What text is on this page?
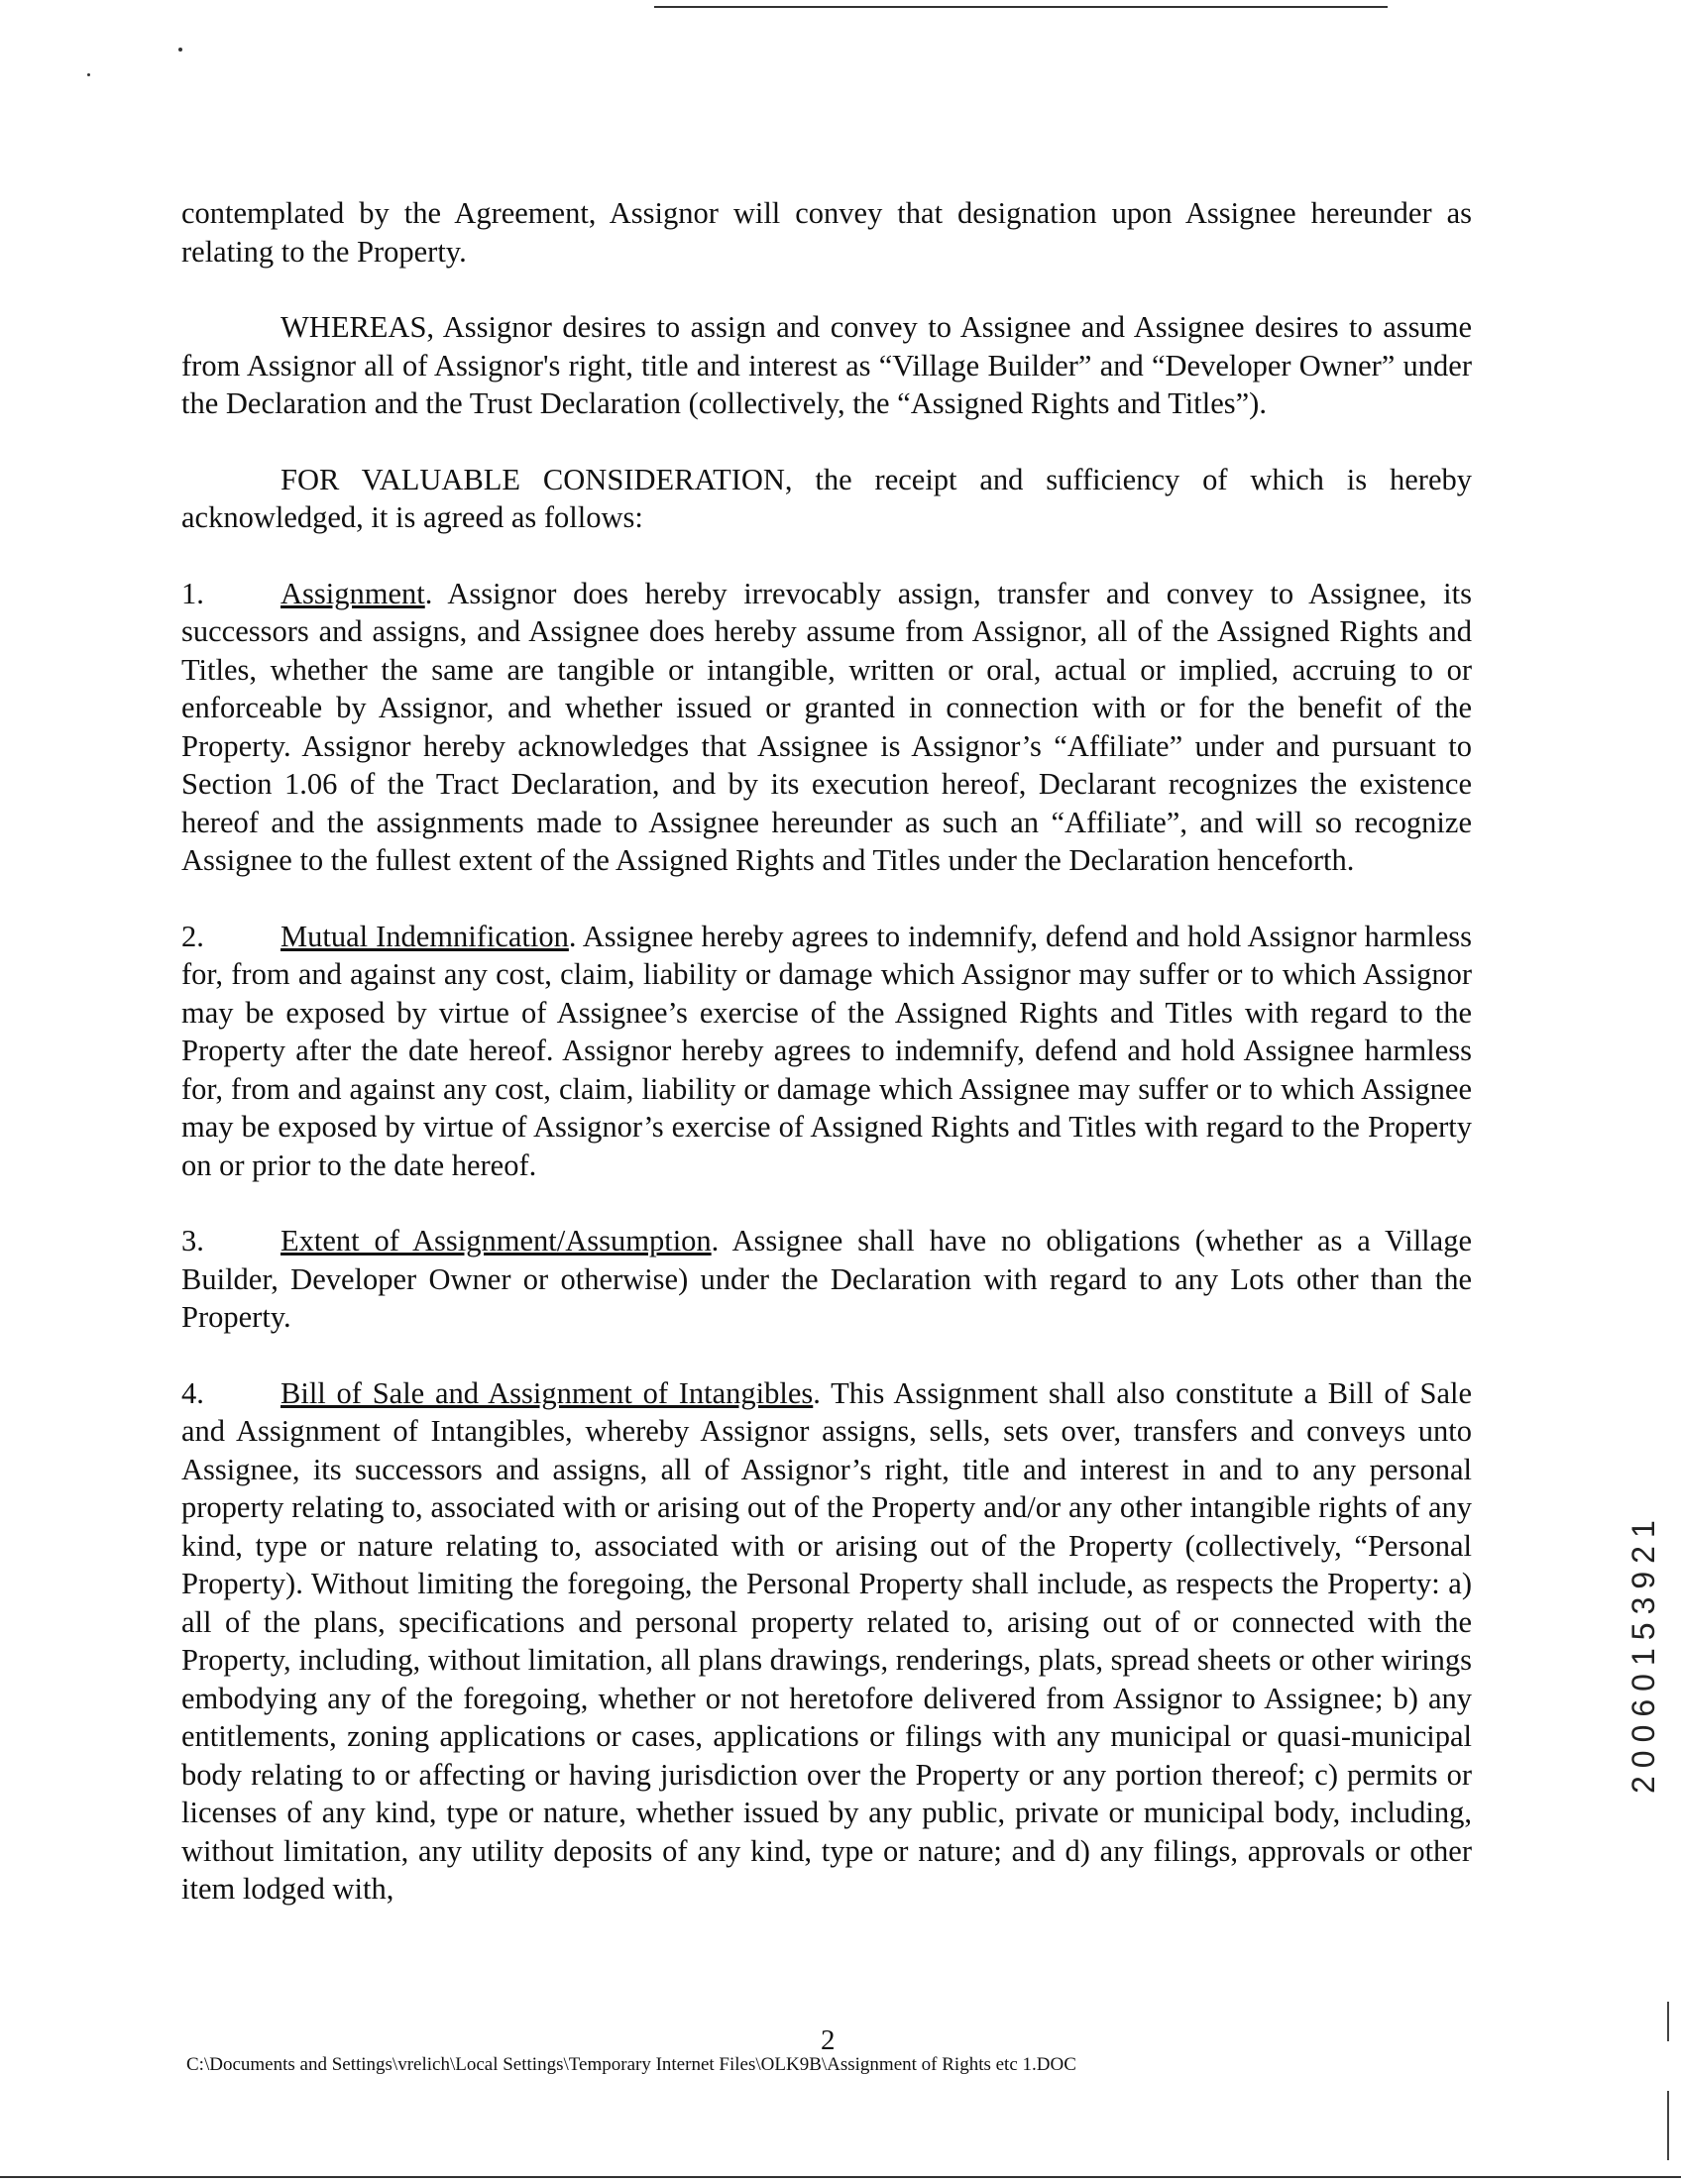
contemplated by the Agreement, Assignor will convey that designation upon Assignee hereunder as relating to the Property.

WHEREAS, Assignor desires to assign and convey to Assignee and Assignee desires to assume from Assignor all of Assignor's right, title and interest as “Village Builder” and “Developer Owner” under the Declaration and the Trust Declaration (collectively, the “Assigned Rights and Titles”).

FOR VALUABLE CONSIDERATION, the receipt and sufficiency of which is hereby acknowledged, it is agreed as follows:

1.	Assignment. Assignor does hereby irrevocably assign, transfer and convey to Assignee, its successors and assigns, and Assignee does hereby assume from Assignor, all of the Assigned Rights and Titles, whether the same are tangible or intangible, written or oral, actual or implied, accruing to or enforceable by Assignor, and whether issued or granted in connection with or for the benefit of the Property. Assignor hereby acknowledges that Assignee is Assignor’s “Affiliate” under and pursuant to Section 1.06 of the Tract Declaration, and by its execution hereof, Declarant recognizes the existence hereof and the assignments made to Assignee hereunder as such an “Affiliate”, and will so recognize Assignee to the fullest extent of the Assigned Rights and Titles under the Declaration henceforth.

2.	Mutual Indemnification. Assignee hereby agrees to indemnify, defend and hold Assignor harmless for, from and against any cost, claim, liability or damage which Assignor may suffer or to which Assignor may be exposed by virtue of Assignee’s exercise of the Assigned Rights and Titles with regard to the Property after the date hereof. Assignor hereby agrees to indemnify, defend and hold Assignee harmless for, from and against any cost, claim, liability or damage which Assignee may suffer or to which Assignee may be exposed by virtue of Assignor’s exercise of Assigned Rights and Titles with regard to the Property on or prior to the date hereof.

3.	Extent of Assignment/Assumption. Assignee shall have no obligations (whether as a Village Builder, Developer Owner or otherwise) under the Declaration with regard to any Lots other than the Property.

4.	Bill of Sale and Assignment of Intangibles. This Assignment shall also constitute a Bill of Sale and Assignment of Intangibles, whereby Assignor assigns, sells, sets over, transfers and conveys unto Assignee, its successors and assigns, all of Assignor’s right, title and interest in and to any personal property relating to, associated with or arising out of the Property and/or any other intangible rights of any kind, type or nature relating to, associated with or arising out of the Property (collectively, “Personal Property). Without limiting the foregoing, the Personal Property shall include, as respects the Property: a) all of the plans, specifications and personal property related to, arising out of or connected with the Property, including, without limitation, all plans drawings, renderings, plats, spread sheets or other wirings embodying any of the foregoing, whether or not heretofore delivered from Assignor to Assignee; b) any entitlements, zoning applications or cases, applications or filings with any municipal or quasi-municipal body relating to or affecting or having jurisdiction over the Property or any portion thereof; c) permits or licenses of any kind, type or nature, whether issued by any public, private or municipal body, including, without limitation, any utility deposits of any kind, type or nature; and d) any filings, approvals or other item lodged with,

20060153921
2
C:\Documents and Settings\vrelich\Local Settings\Temporary Internet Files\OLK9B\Assignment of Rights etc 1.DOC
